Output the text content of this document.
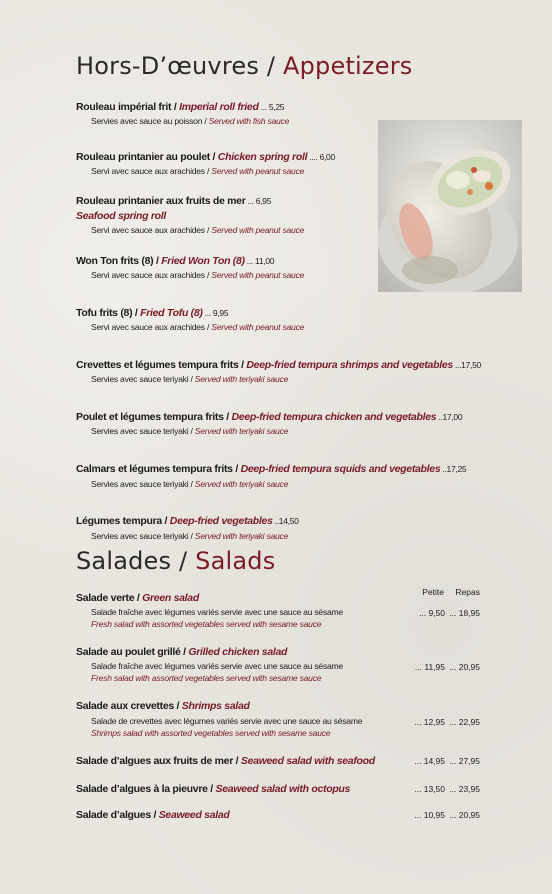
Hors-D’œuvres / Appetizers
Rouleau impérial frit / Imperial roll fried ... 5,25
Servies avec sauce au poisson / Served with fish sauce
Rouleau printanier au poulet / Chicken spring roll .... 6,00
Servi avec sauce aux arachides / Served with peanut sauce
Rouleau printanier aux fruits de mer ... 6,95
Seafood spring roll
Servi avec sauce aux arachides / Served with peanut sauce
Won Ton frits (8) / Fried Won Ton (8) ... 11,00
Servi avec sauce aux arachides / Served with peanut sauce
Tofu frits (8) / Fried Tofu (8) ... 9,95
Servi avec sauce aux arachides / Served with peanut sauce
Crevettes et légumes tempura frits / Deep-fried tempura shrimps and vegetables ...17,50
Servies avec sauce teriyaki / Served with teriyaki sauce
Poulet et légumes tempura frits / Deep-fried tempura chicken and vegetables ..17,00
Servies avec sauce teriyaki / Served with teriyaki sauce
Calmars et légumes tempura frits / Deep-fried tempura squids and vegetables ..17,25
Servies avec sauce teriyaki / Served with teriyaki sauce
Légumes tempura / Deep-fried vegetables ..14,50
Servies avec sauce teriyaki / Served with teriyaki sauce
Salades / Salads
Petite	Repas
Salade verte / Green salad
Salade fraîche avec légumes variés servie avec une sauce au sésame
Fresh salad with assorted vegetables served with sesame sauce
... 9,50 ... 18,95
Salade au poulet grillé / Grilled chicken salad
Salade fraîche avec légumes variés servie avec une sauce au sésame
Fresh salad with assorted vegetables served with sesame sauce
... 11,95 ... 20,95
Salade aux crevettes / Shrimps salad
Salade de crevettes avec légumes variés servie avec une sauce au sésame
Shrimps salad with assorted vegetables served with sesame sauce
... 12,95 ... 22,95
Salade d’algues aux fruits de mer / Seaweed salad with seafood	... 14,95 ... 27,95
Salade d’algues à la pieuvre / Seaweed salad with octopus	... 13,50 ... 23,95
Salade d’algues / Seaweed salad	... 10,95 ... 20,95
